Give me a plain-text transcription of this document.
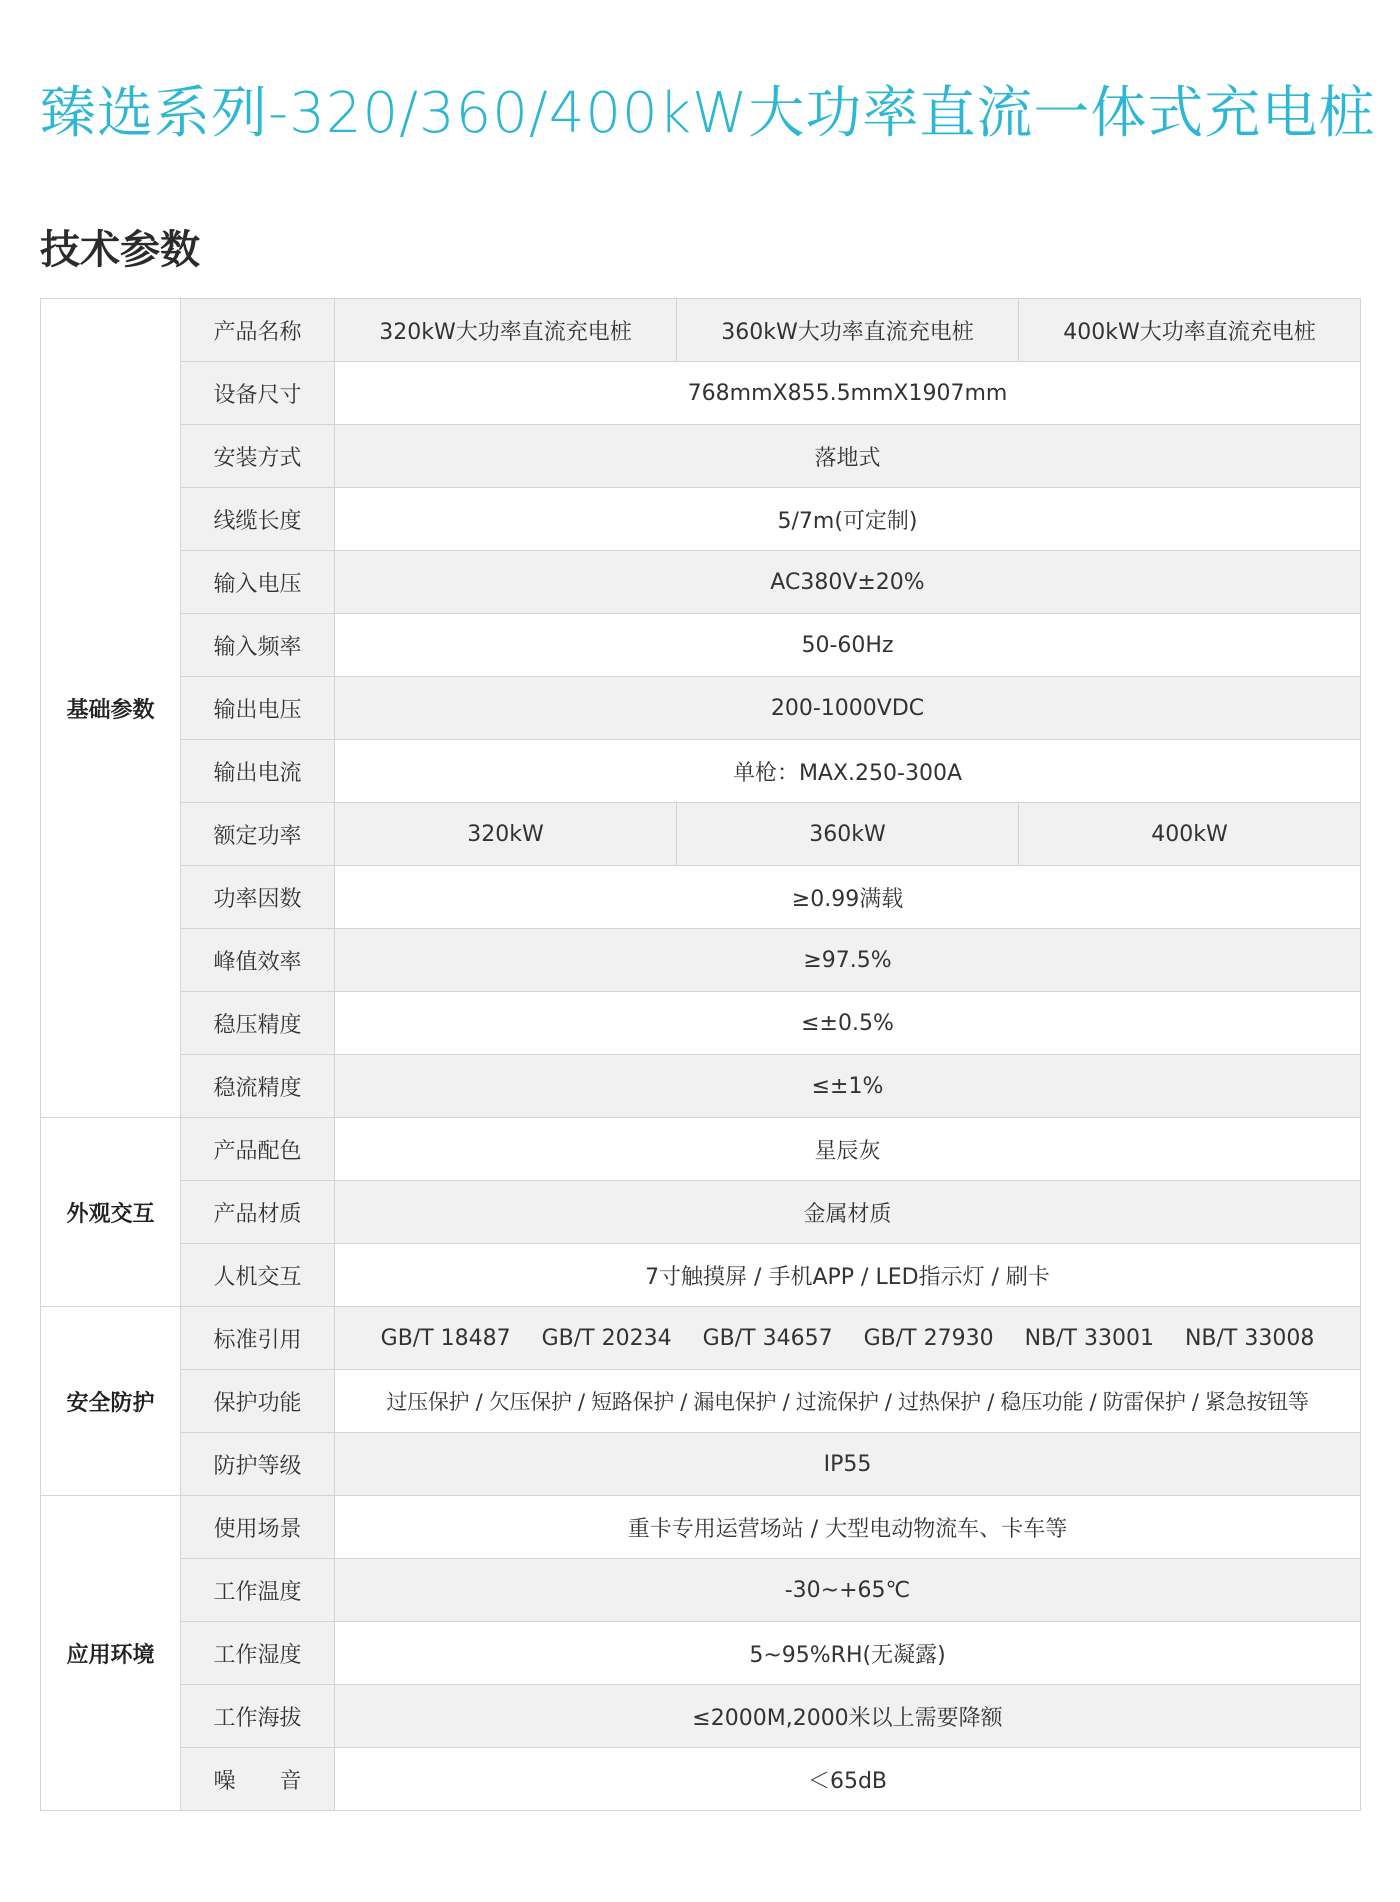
臻选系列-320/360/400kW大功率直流一体式充电桩
技术参数
基础参数	产品名称	320kW大功率直流充电桩	360kW大功率直流充电桩	400kW大功率直流充电桩
	设备尺寸	768mmX855.5mmX1907mm		
	安装方式	落地式		
	线缆长度	5/7m(可定制)		
	输入电压	AC380V±20%		
	输入频率	50-60Hz		
	输出电压	200-1000VDC		
	输出电流	单枪：MAX.250-300A		
	额定功率	320kW	360kW	400kW
	功率因数	≥0.99满载		
	峰值效率	≥97.5%		
	稳压精度	≤±0.5%		
	稳流精度	≤±1%		
外观交互	产品配色	星辰灰		
	产品材质	金属材质		
	人机交互	7寸触摸屏 / 手机APP / LED指示灯 / 刷卡		
安全防护	标准引用	GB/T 18487 GB/T 20234 GB/T 34657 GB/T 27930 NB/T 33001 NB/T 33008		
	保护功能	过压保护 / 欠压保护 / 短路保护 / 漏电保护 / 过流保护 / 过热保护 / 稳压功能 / 防雷保护 / 紧急按钮等		
	防护等级	IP55		
应用环境	使用场景	重卡专用运营场站 / 大型电动物流车、卡车等		
	工作温度	-30~+65℃		
	工作湿度	5~95%RH(无凝露)		
	工作海拔	≤2000M,2000米以上需要降额		
	噪　　音	＜65dB		
